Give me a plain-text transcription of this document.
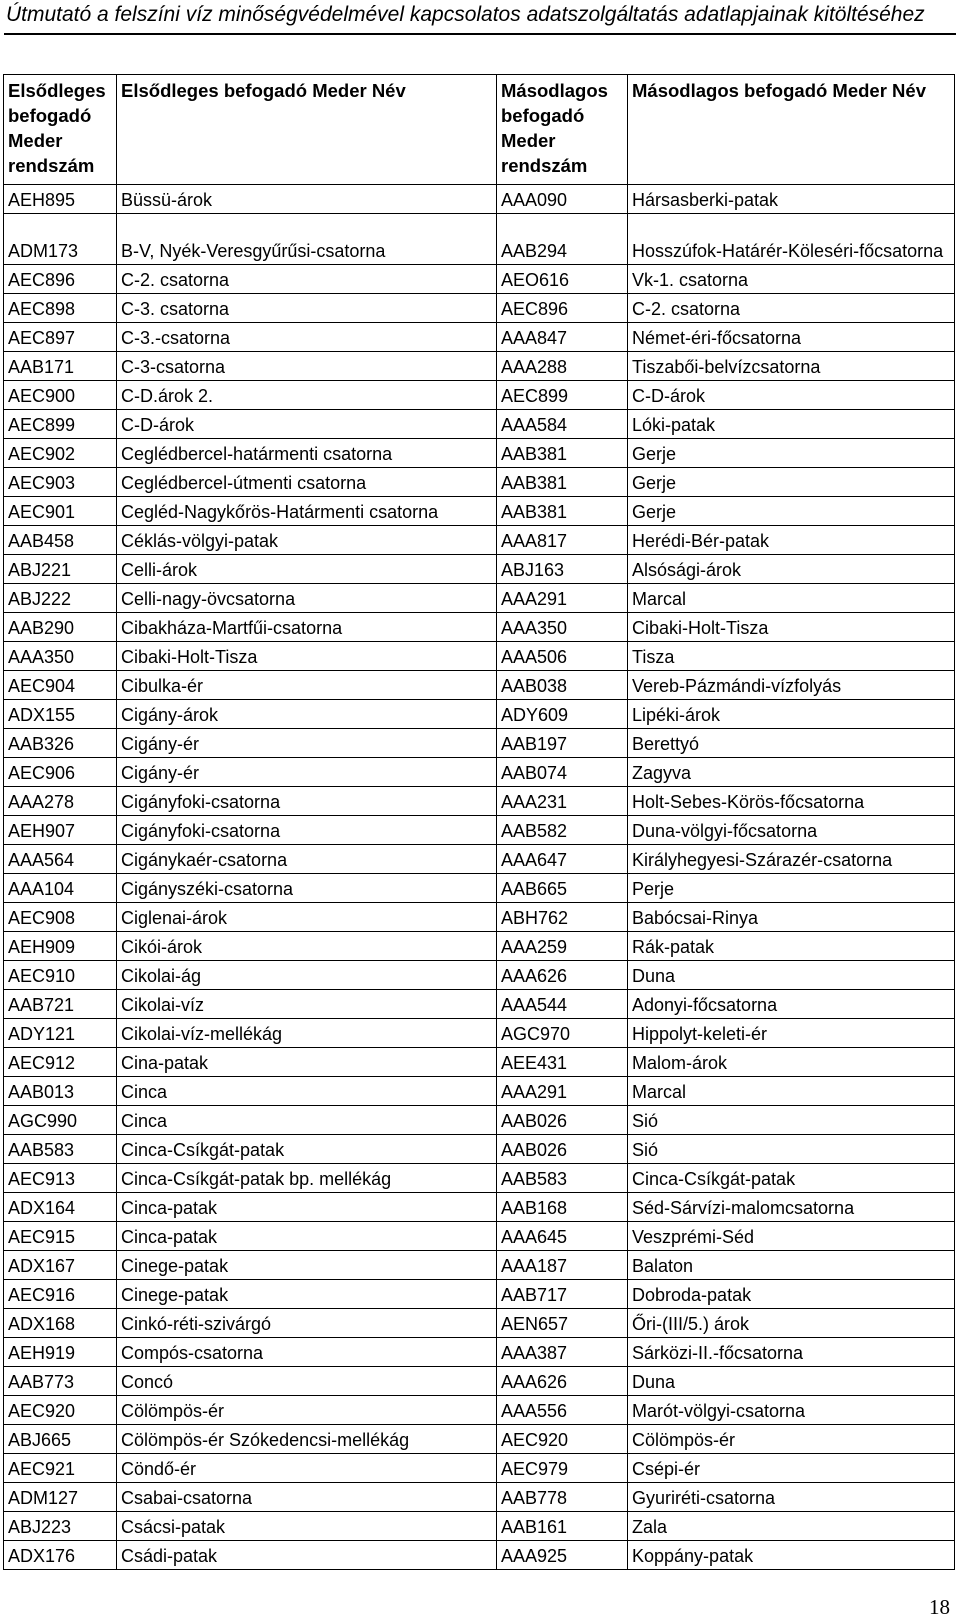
Útmutató a felszíni víz minőségvédelmével kapcsolatos adatszolgáltatás adatlapjainak kitöltéséhez
Elsődleges befogadó Meder rendszám	Elsődleges befogadó Meder Név	Másodlagos befogadó Meder rendszám	Másodlagos befogadó Meder Név
AEH895	Büssü-árok	AAA090	Hársasberki-patak
ADM173	B-V, Nyék-Veresgyűrűsi-csatorna	AAB294	Hosszúfok-Határér-Köleséri-főcsatorna
AEC896	C-2. csatorna	AEO616	Vk-1. csatorna
AEC898	C-3. csatorna	AEC896	C-2. csatorna
AEC897	C-3.-csatorna	AAA847	Német-éri-főcsatorna
AAB171	C-3-csatorna	AAA288	Tiszabői-belvízcsatorna
AEC900	C-D.árok 2.	AEC899	C-D-árok
AEC899	C-D-árok	AAA584	Lóki-patak
AEC902	Ceglédbercel-határmenti csatorna	AAB381	Gerje
AEC903	Ceglédbercel-útmenti csatorna	AAB381	Gerje
AEC901	Cegléd-Nagykőrös-Határmenti csatorna	AAB381	Gerje
AAB458	Céklás-völgyi-patak	AAA817	Herédi-Bér-patak
ABJ221	Celli-árok	ABJ163	Alsósági-árok
ABJ222	Celli-nagy-övcsatorna	AAA291	Marcal
AAB290	Cibakháza-Martfűi-csatorna	AAA350	Cibaki-Holt-Tisza
AAA350	Cibaki-Holt-Tisza	AAA506	Tisza
AEC904	Cibulka-ér	AAB038	Vereb-Pázmándi-vízfolyás
ADX155	Cigány-árok	ADY609	Lipéki-árok
AAB326	Cigány-ér	AAB197	Berettyó
AEC906	Cigány-ér	AAB074	Zagyva
AAA278	Cigányfoki-csatorna	AAA231	Holt-Sebes-Körös-főcsatorna
AEH907	Cigányfoki-csatorna	AAB582	Duna-völgyi-főcsatorna
AAA564	Cigánykaér-csatorna	AAA647	Királyhegyesi-Szárazér-csatorna
AAA104	Cigányszéki-csatorna	AAB665	Perje
AEC908	Ciglenai-árok	ABH762	Babócsai-Rinya
AEH909	Cikói-árok	AAA259	Rák-patak
AEC910	Cikolai-ág	AAA626	Duna
AAB721	Cikolai-víz	AAA544	Adonyi-főcsatorna
ADY121	Cikolai-víz-mellékág	AGC970	Hippolyt-keleti-ér
AEC912	Cina-patak	AEE431	Malom-árok
AAB013	Cinca	AAA291	Marcal
AGC990	Cinca	AAB026	Sió
AAB583	Cinca-Csíkgát-patak	AAB026	Sió
AEC913	Cinca-Csíkgát-patak bp. mellékág	AAB583	Cinca-Csíkgát-patak
ADX164	Cinca-patak	AAB168	Séd-Sárvízi-malomcsatorna
AEC915	Cinca-patak	AAA645	Veszprémi-Séd
ADX167	Cinege-patak	AAA187	Balaton
AEC916	Cinege-patak	AAB717	Dobroda-patak
ADX168	Cinkó-réti-szivárgó	AEN657	Őri-(III/5.) árok
AEH919	Compós-csatorna	AAA387	Sárközi-II.-főcsatorna
AAB773	Concó	AAA626	Duna
AEC920	Cölömpös-ér	AAA556	Marót-völgyi-csatorna
ABJ665	Cölömpös-ér Szókedencsi-mellékág	AEC920	Cölömpös-ér
AEC921	Cöndő-ér	AEC979	Csépi-ér
ADM127	Csabai-csatorna	AAB778	Gyuriréti-csatorna
ABJ223	Csácsi-patak	AAB161	Zala
ADX176	Csádi-patak	AAA925	Koppány-patak
18
